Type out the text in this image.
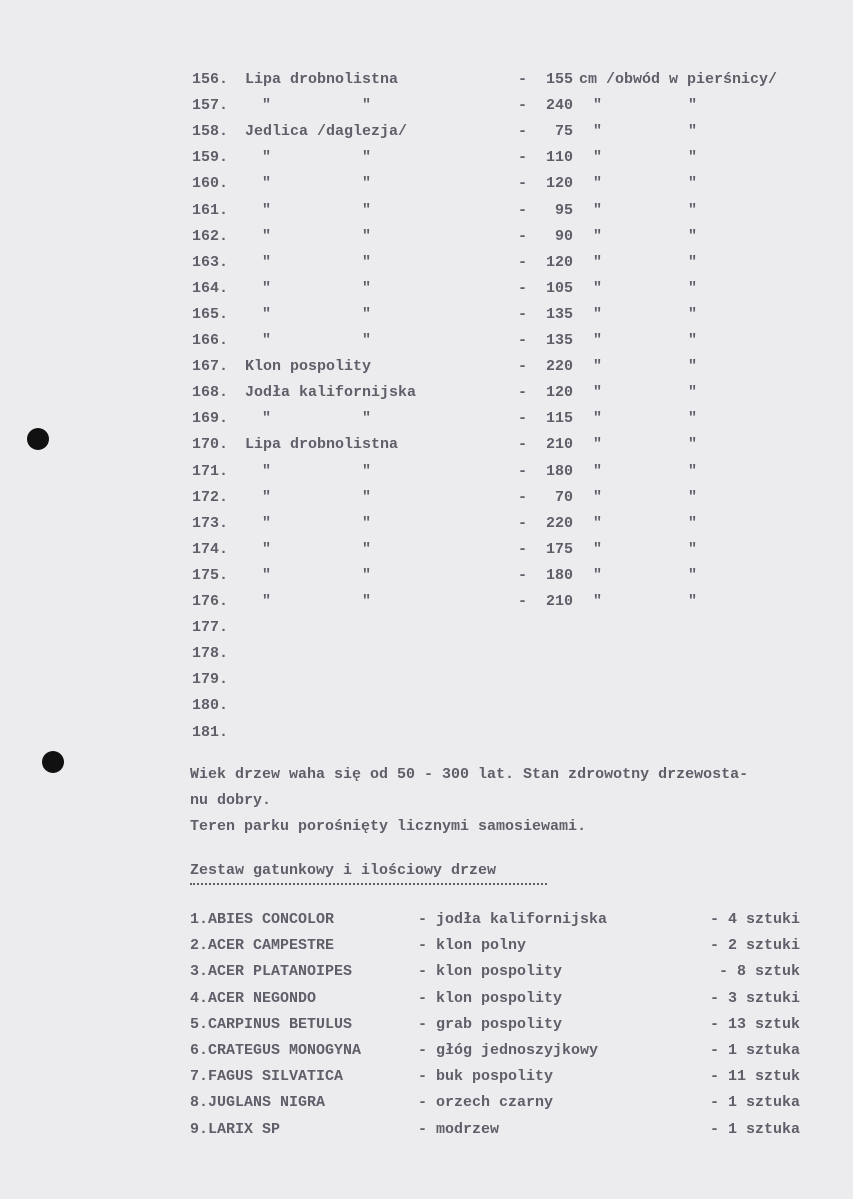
156. Lipa drobnolistna	-	155 cm /obwód w pierśnicy/
157. "	"	-	240 "	"
158. Jedlica /daglezja/	-	75 "	"
159. "	"	-	110 "	"
160. "	"	-	120 "	"
161. "	"	-	95 "	"
162. "	"	-	90 "	"
163. "	"	-	120 "	"
164. "	"	-	105 "	"
165. "	"	-	135 "	"
166. "	"	-	135 "	"
167. Klon pospolity	-	220 "	"
168. Jodła kalifornijska	-	120 "	"
169. "	"	-	115 "	"
170. Lipa drobnolistna	-	210 "	"
171. "	"	-	180 "	"
172. "	"	-	70 "	"
173. "	"	-	220 "	"
174. "	"	-	175 "	"
175. "	"	-	180 "	"
176. "	"	-	210 "	"
177.
178.
179.
180.
181.
Wiek drzew waha się od 50 - 300 lat. Stan zdrowotny drzewosta-
nu dobry.
Teren parku porośnięty licznymi samosiewami.
Zestaw gatunkowy i ilościowy drzew
1.ABIES CONCOLOR	- jodła kalifornijska	- 4 sztuki
2.ACER CAMPESTRE	- klon polny	- 2 sztuki
3.ACER PLATANOIPES	- klon pospolity	- 8 sztuk
4.ACER NEGONDO	- klon pospolity	- 3 sztuki
5.CARPINUS BETULUS	- grab pospolity	- 13 sztuk
6.CRATEGUS MONOGYNA	- głóg jednoszyjkowy	- 1 sztuka
7.FAGUS SILVATICA	- buk pospolity	- 11 sztuk
8.JUGLANS NIGRA	- orzech czarny	- 1 sztuka
9.LARIX SP	- modrzew	- 1 sztuka
